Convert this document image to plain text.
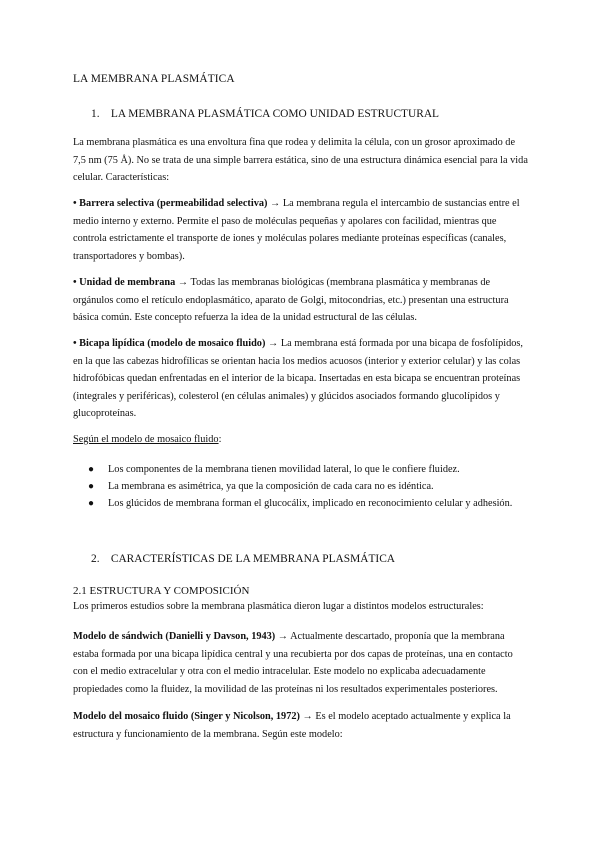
LA MEMBRANA PLASMÁTICA
1. LA MEMBRANA PLASMÁTICA COMO UNIDAD ESTRUCTURAL
La membrana plasmática es una envoltura fina que rodea y delimita la célula, con un grosor aproximado de 7,5 nm (75 Å). No se trata de una simple barrera estática, sino de una estructura dinámica esencial para la vida celular. Características:
• Barrera selectiva (permeabilidad selectiva) → La membrana regula el intercambio de sustancias entre el medio interno y externo. Permite el paso de moléculas pequeñas y apolares con facilidad, mientras que controla estrictamente el transporte de iones y moléculas polares mediante proteínas específicas (canales, transportadores y bombas).
• Unidad de membrana → Todas las membranas biológicas (membrana plasmática y membranas de orgánulos como el retículo endoplasmático, aparato de Golgi, mitocondrias, etc.) presentan una estructura básica común. Este concepto refuerza la idea de la unidad estructural de las células.
• Bicapa lipídica (modelo de mosaico fluido) → La membrana está formada por una bicapa de fosfolípidos, en la que las cabezas hidrofílicas se orientan hacia los medios acuosos (interior y exterior celular) y las colas hidrofóbicas quedan enfrentadas en el interior de la bicapa. Insertadas en esta bicapa se encuentran proteínas (integrales y periféricas), colesterol (en células animales) y glúcidos asociados formando glucolípidos y glucoproteínas.
Según el modelo de mosaico fluido:
● Los componentes de la membrana tienen movilidad lateral, lo que le confiere fluidez.
● La membrana es asimétrica, ya que la composición de cada cara no es idéntica.
● Los glúcidos de membrana forman el glucocálix, implicado en reconocimiento celular y adhesión.
2. CARACTERÍSTICAS DE LA MEMBRANA PLASMÁTICA
2.1 ESTRUCTURA Y COMPOSICIÓN
Los primeros estudios sobre la membrana plasmática dieron lugar a distintos modelos estructurales:
Modelo de sándwich (Danielli y Davson, 1943) → Actualmente descartado, proponía que la membrana estaba formada por una bicapa lipídica central y una recubierta por dos capas de proteínas, una en contacto con el medio extracelular y otra con el medio intracelular. Este modelo no explicaba adecuadamente propiedades como la fluidez, la movilidad de las proteínas ni los resultados experimentales posteriores.
Modelo del mosaico fluido (Singer y Nicolson, 1972) → Es el modelo aceptado actualmente y explica la estructura y funcionamiento de la membrana. Según este modelo:
